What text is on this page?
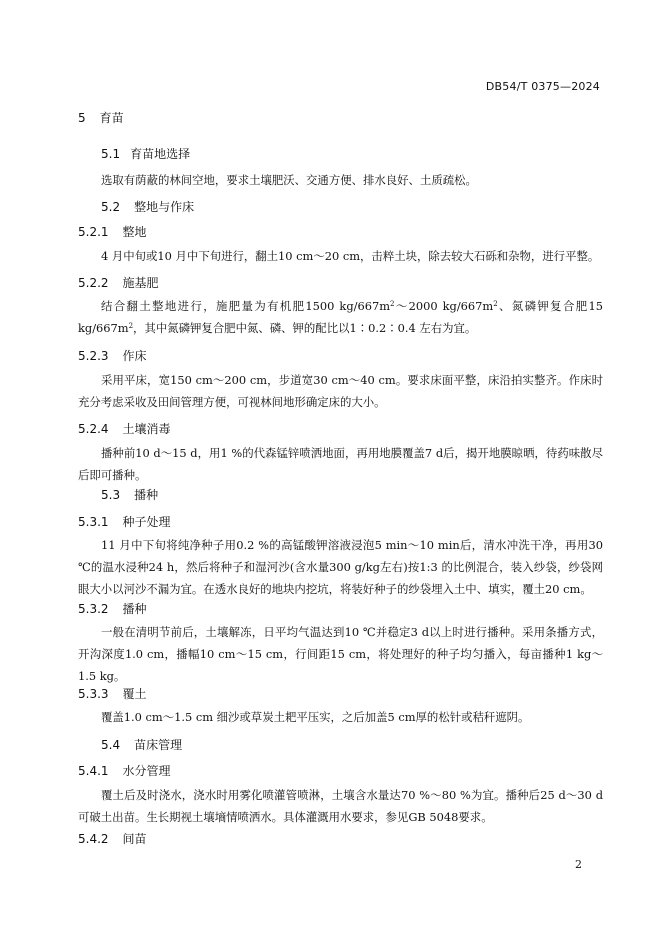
DB54/T 0375—2024
5 育苗
5.1 育苗地选择
选取有荫蔽的林间空地，要求土壤肥沃、交通方便、排水良好、土质疏松。
5.2 整地与作床
5.2.1 整地
4 月中旬或10 月中下旬进行，翻土10 cm～20 cm，击粹土块，除去较大石砾和杂物，进行平整。
5.2.2 施基肥
结合翻土整地进行，施肥量为有机肥1500 $kg/667m^2\sim 2000$ $kg/667m^2$、氮磷钾复合肥15 $kg/667m^2$，其中氮磷钾复合肥中氮、磷、钾的配比以1∶0.2∶0.4 左右为宜。
5.2.3 作床
采用平床，宽150 cm～200 cm，步道宽30 cm～40 cm。要求床面平整，床沿拍实整齐。作床时充分考虑采收及田间管理方便，可视林间地形确定床的大小。
5.2.4 土壤消毒
播种前10 d～15 d，用1 %的代森锰锌喷洒地面，再用地膜覆盖7 d后，揭开地膜晾晒，待药味散尽后即可播种。
5.3 播种
5.3.1 种子处理
11 月中下旬将纯净种子用0.2 %的高锰酸钾溶液浸泡5 min～10 min后，清水冲洗干净，再用30 ℃的温水浸种24 h，然后将种子和湿河沙(含水量300 g/kg左右)按1:3 的比例混合，装入纱袋，纱袋网眼大小以河沙不漏为宜。在透水良好的地块内挖坑，将装好种子的纱袋埋入土中、填实，覆土20 cm。
5.3.2 播种
一般在清明节前后，土壤解冻，日平均气温达到10 ℃并稳定3 d以上时进行播种。采用条播方式，开沟深度1.0 cm，播幅10 cm～15 cm，行间距15 cm，将处理好的种子均匀播入，每亩播种1 kg～1.5 kg。
5.3.3 覆土
覆盖1.0 cm～1.5 cm 细沙或草炭土耙平压实，之后加盖5 cm厚的松针或秸秆遮阴。
5.4 苗床管理
5.4.1 水分管理
覆土后及时浇水，浇水时用雾化喷灌管喷淋，土壤含水量达70 %～80 %为宜。播种后25 d～30 d可破土出苗。生长期视土壤墒情喷洒水。具体灌溉用水要求，参见GB 5048要求。
5.4.2 间苗
2
